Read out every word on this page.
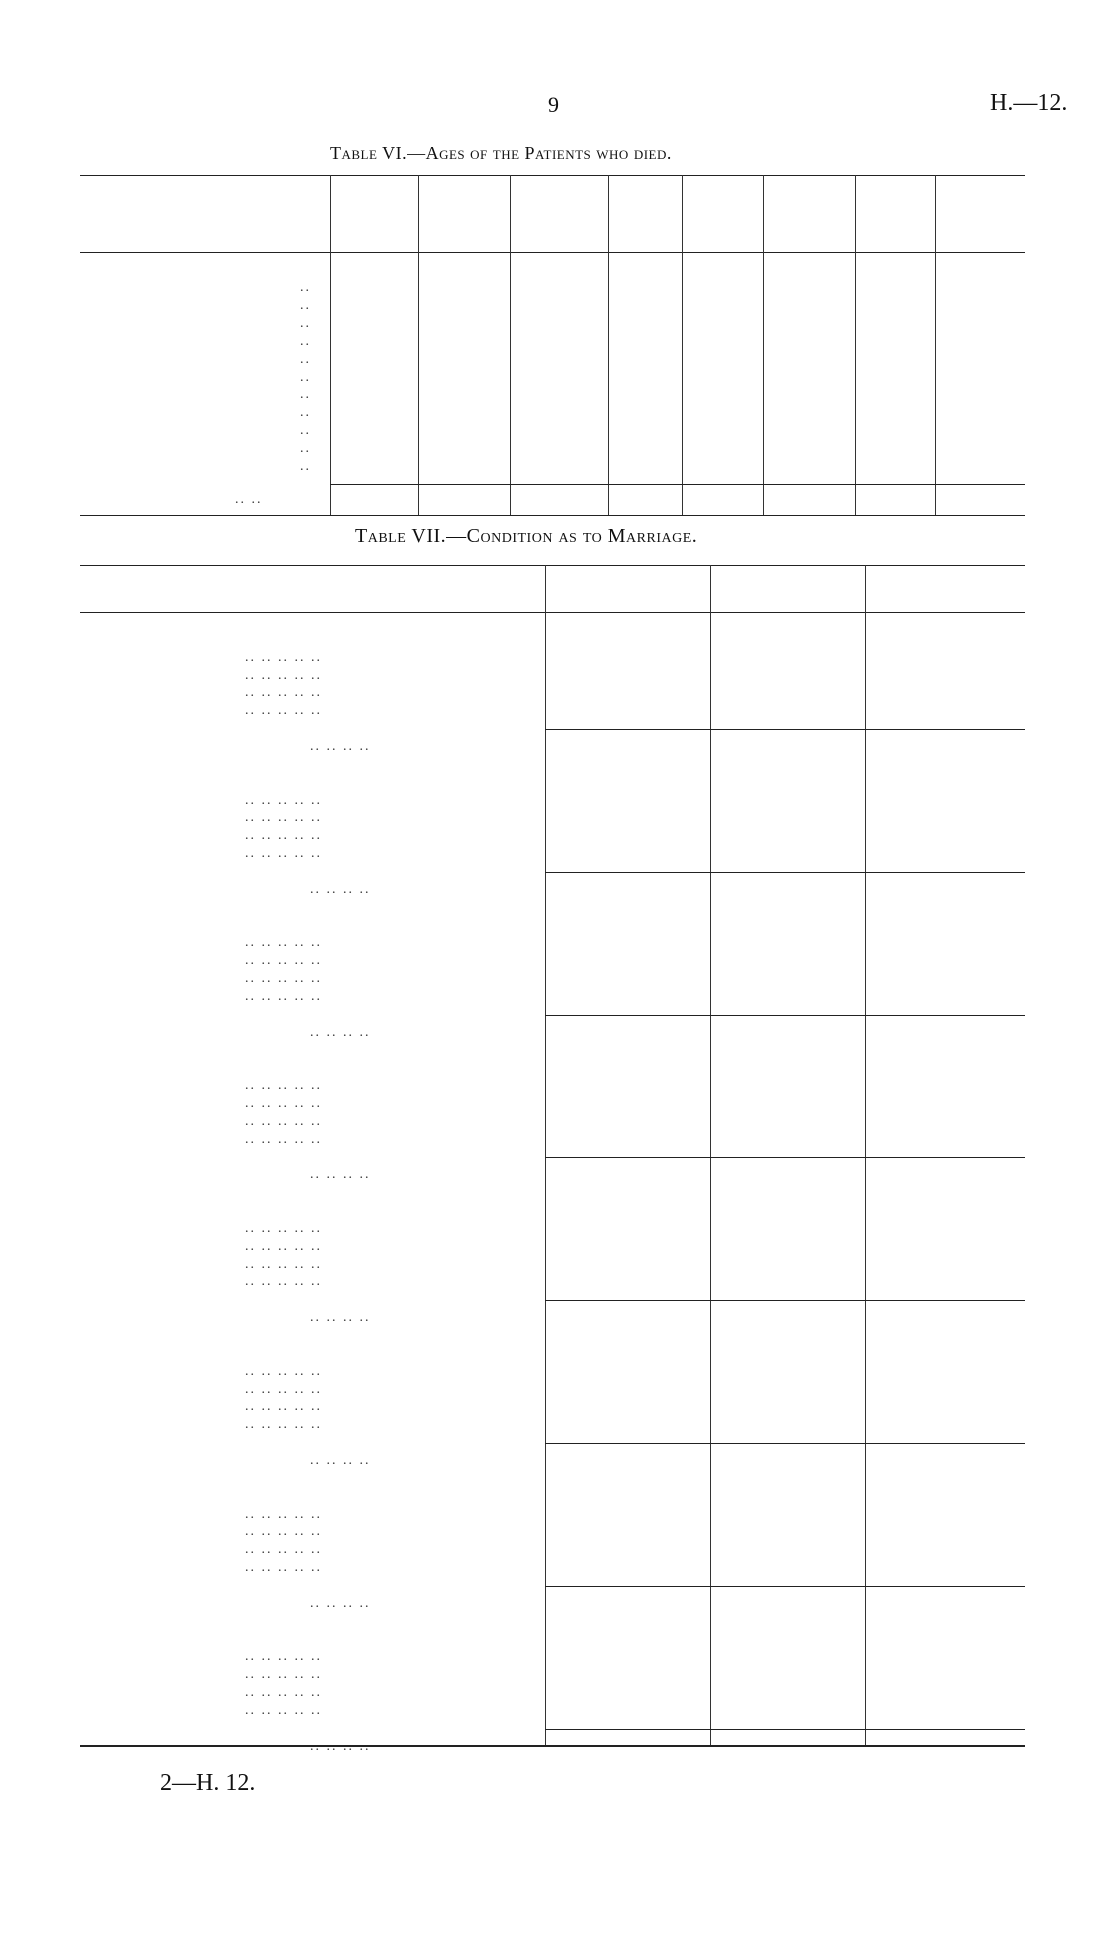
9	H.—12.
Table VI.—Ages of the Patients who died.
..
..
..
..
..
..
..
..
..
..
..
.. ..
Table VII.—Condition as to Marriage.
.. .. .. .. ..
.. .. .. .. ..
.. .. .. .. ..
.. .. .. .. ..
.. .. .. ..
.. .. .. .. ..
.. .. .. .. ..
.. .. .. .. ..
.. .. .. .. ..
.. .. .. ..
.. .. .. .. ..
.. .. .. .. ..
.. .. .. .. ..
.. .. .. .. ..
.. .. .. ..
.. .. .. .. ..
.. .. .. .. ..
.. .. .. .. ..
.. .. .. .. ..
.. .. .. ..
.. .. .. .. ..
.. .. .. .. ..
.. .. .. .. ..
.. .. .. .. ..
.. .. .. ..
.. .. .. .. ..
.. .. .. .. ..
.. .. .. .. ..
.. .. .. .. ..
.. .. .. ..
.. .. .. .. ..
.. .. .. .. ..
.. .. .. .. ..
.. .. .. .. ..
.. .. .. ..
.. .. .. .. ..
.. .. .. .. ..
.. .. .. .. ..
.. .. .. .. ..
.. .. .. ..
2—H. 12.
